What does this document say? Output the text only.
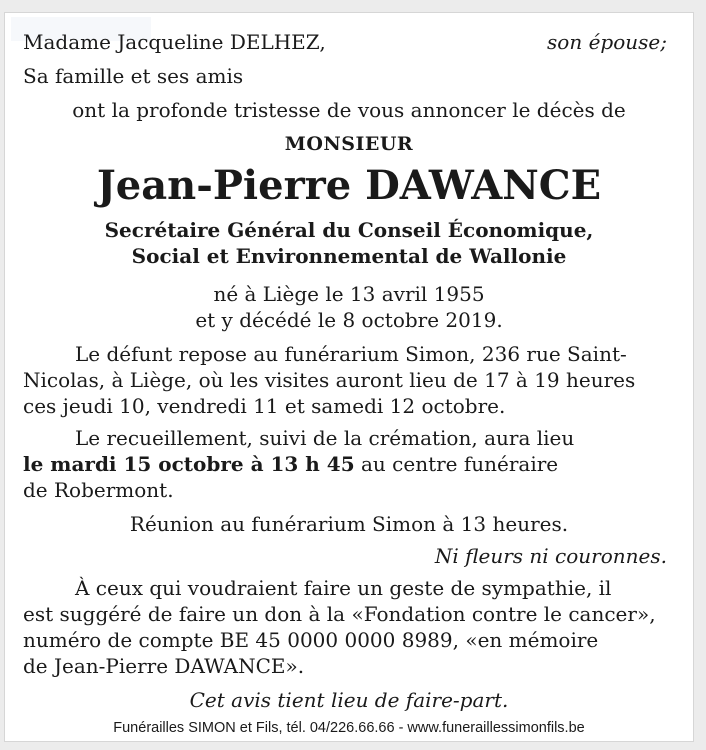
Madame Jacqueline DELHEZ,	son épouse;
Sa famille et ses amis
ont la profonde tristesse de vous annoncer le décès de
MONSIEUR
Jean-Pierre DAWANCE
Secrétaire Général du Conseil Économique,
Social et Environnemental de Wallonie
né à Liège le 13 avril 1955
et y décédé le 8 octobre 2019.
Le défunt repose au funérarium Simon, 236 rue Saint-
Nicolas, à Liège, où les visites auront lieu de 17 à 19 heures
ces jeudi 10, vendredi 11 et samedi 12 octobre.
Le recueillement, suivi de la crémation, aura lieu
le mardi 15 octobre à 13 h 45 au centre funéraire
de Robermont.
Réunion au funérarium Simon à 13 heures.
Ni fleurs ni couronnes.
À ceux qui voudraient faire un geste de sympathie, il
est suggéré de faire un don à la «Fondation contre le cancer»,
numéro de compte BE 45 0000 0000 8989, «en mémoire
de Jean-Pierre DAWANCE».
Cet avis tient lieu de faire-part.
Funérailles SIMON et Fils, tél. 04/226.66.66 - www.funeraillessimonfils.be
